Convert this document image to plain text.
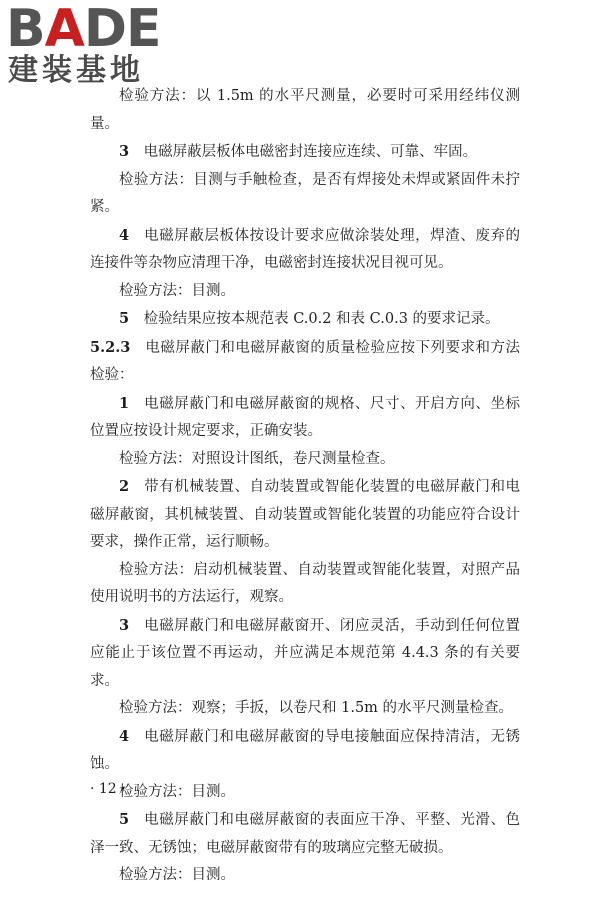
BADE
建装基地

检验方法：以 1.5m 的水平尺测量，必要时可采用经纬仪测量。

3  电磁屏蔽层板体电磁密封连接应连续、可靠、牢固。

检验方法：目测与手触检查，是否有焊接处未焊或紧固件未拧紧。

4  电磁屏蔽层板体按设计要求应做涂装处理，焊渣、废弃的连接件等杂物应清理干净，电磁密封连接状况目视可见。

检验方法：目测。

5  检验结果应按本规范表 C.0.2 和表 C.0.3 的要求记录。

5.2.3  电磁屏蔽门和电磁屏蔽窗的质量检验应按下列要求和方法检验：

1  电磁屏蔽门和电磁屏蔽窗的规格、尺寸、开启方向、坐标位置应按设计规定要求，正确安装。

检验方法：对照设计图纸，卷尺测量检查。

2  带有机械装置、自动装置或智能化装置的电磁屏蔽门和电磁屏蔽窗，其机械装置、自动装置或智能化装置的功能应符合设计要求，操作正常，运行顺畅。

检验方法：启动机械装置、自动装置或智能化装置，对照产品使用说明书的方法运行，观察。

3  电磁屏蔽门和电磁屏蔽窗开、闭应灵活，手动到任何位置应能止于该位置不再运动，并应满足本规范第 4.4.3 条的有关要求。

检验方法：观察；手扳，以卷尺和 1.5m 的水平尺测量检查。

4  电磁屏蔽门和电磁屏蔽窗的导电接触面应保持清洁，无锈蚀。

检验方法：目测。

5  电磁屏蔽门和电磁屏蔽窗的表面应干净、平整、光滑、色泽一致、无锈蚀；电磁屏蔽窗带有的玻璃应完整无破损。

检验方法：目测。

· 12 ·
